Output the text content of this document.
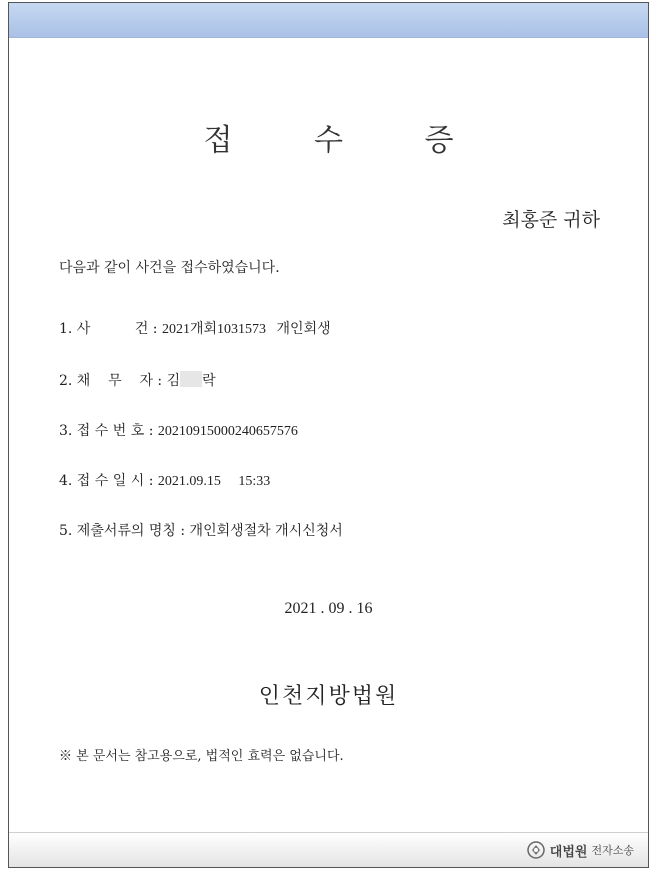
접 수 증
최홍준 귀하
다음과 같이 사건을 접수하였습니다.
1. 사          건 : 2021개회1031573   개인회생
2. 채    무    자 : 김 락
3. 접 수 번 호 : 20210915000240657576
4. 접 수 일 시 : 2021.09.15     15:33
5. 제출서류의 명칭 : 개인회생절차 개시신청서
2021 . 09 . 16
인천지방법원
※ 본 문서는 참고용으로, 법적인 효력은 없습니다.
대법원 전자소송
